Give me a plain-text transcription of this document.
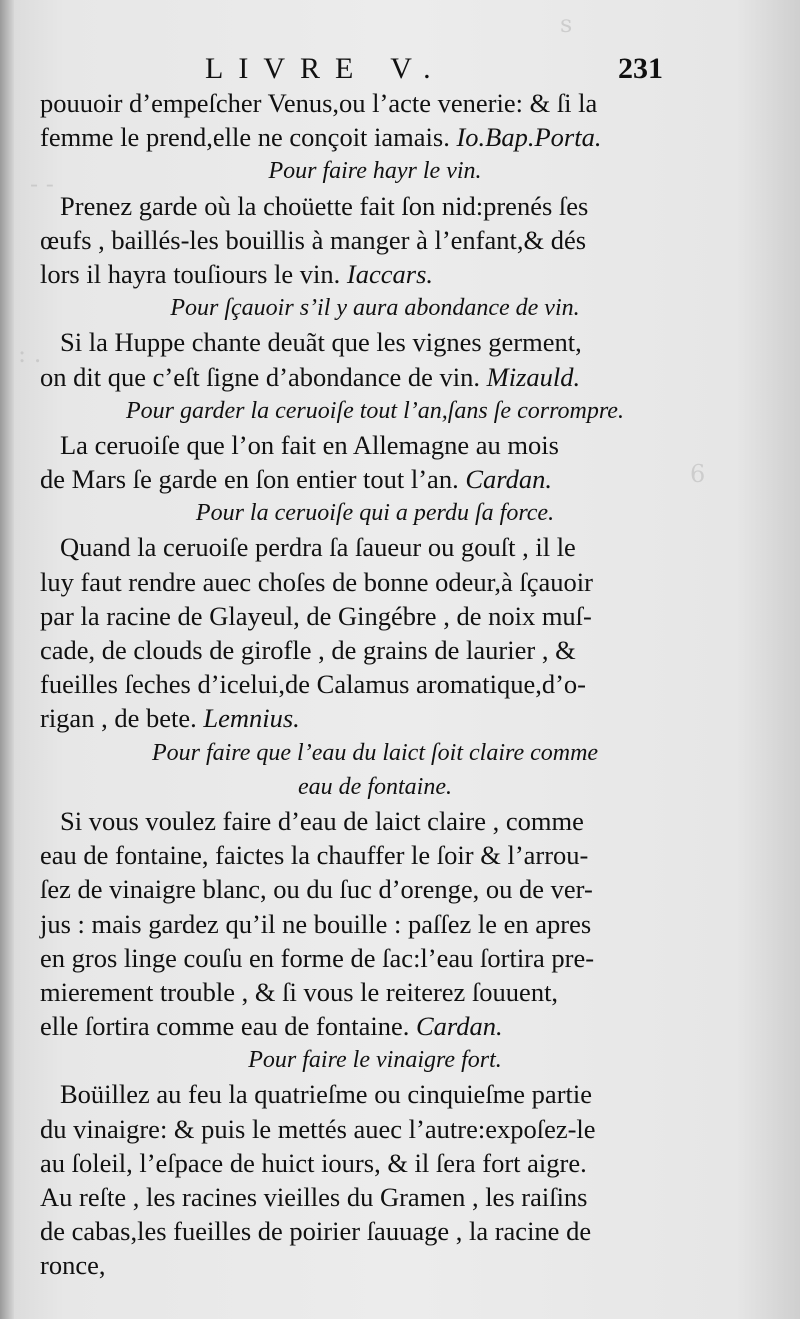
s
- -
: .
6
LIVRE V.	231
pouuoir d’empeſcher Venus,ou l’acte venerie: & ſi la
femme le prend,elle ne conçoit iamais. Io.Bap.Porta.
Pour faire hayr le vin.
Prenez garde où la choüette fait ſon nid:prenés ſes
œufs , baillés-les bouillis à manger à l’enfant,& dés
lors il hayra touſiours le vin. Iaccars.
Pour ſçauoir s’il y aura abondance de vin.
Si la Huppe chante deuãt que les vignes germent,
on dit que c’eſt ſigne d’abondance de vin. Mizauld.
Pour garder la ceruoiſe tout l’an,ſans ſe corrompre.
La ceruoiſe que l’on fait en Allemagne au mois
de Mars ſe garde en ſon entier tout l’an. Cardan.
Pour la ceruoiſe qui a perdu ſa force.
Quand la ceruoiſe perdra ſa ſaueur ou gouſt , il le
luy faut rendre auec choſes de bonne odeur,à ſçauoir
par la racine de Glayeul, de Gingébre , de noix muſ-
cade, de clouds de girofle , de grains de laurier , &
fueilles ſeches d’icelui,de Calamus aromatique,d’o-
rigan , de bete. Lemnius.
Pour faire que l’eau du laict ſoit claire comme
eau de fontaine.
Si vous voulez faire d’eau de laict claire , comme
eau de fontaine, faictes la chauffer le ſoir & l’arrou-
ſez de vinaigre blanc, ou du ſuc d’orenge, ou de ver-
jus : mais gardez qu’il ne bouille : paſſez le en apres
en gros linge couſu en forme de ſac:l’eau ſortira pre-
mierement trouble , & ſi vous le reiterez ſouuent,
elle ſortira comme eau de fontaine. Cardan.
Pour faire le vinaigre fort.
Boüillez au feu la quatrieſme ou cinquieſme partie
du vinaigre: & puis le mettés auec l’autre:expoſez-le
au ſoleil, l’eſpace de huict iours, & il ſera fort aigre.
Au reſte , les racines vieilles du Gramen , les raiſins
de cabas,les fueilles de poirier ſauuage , la racine de
ronce,
